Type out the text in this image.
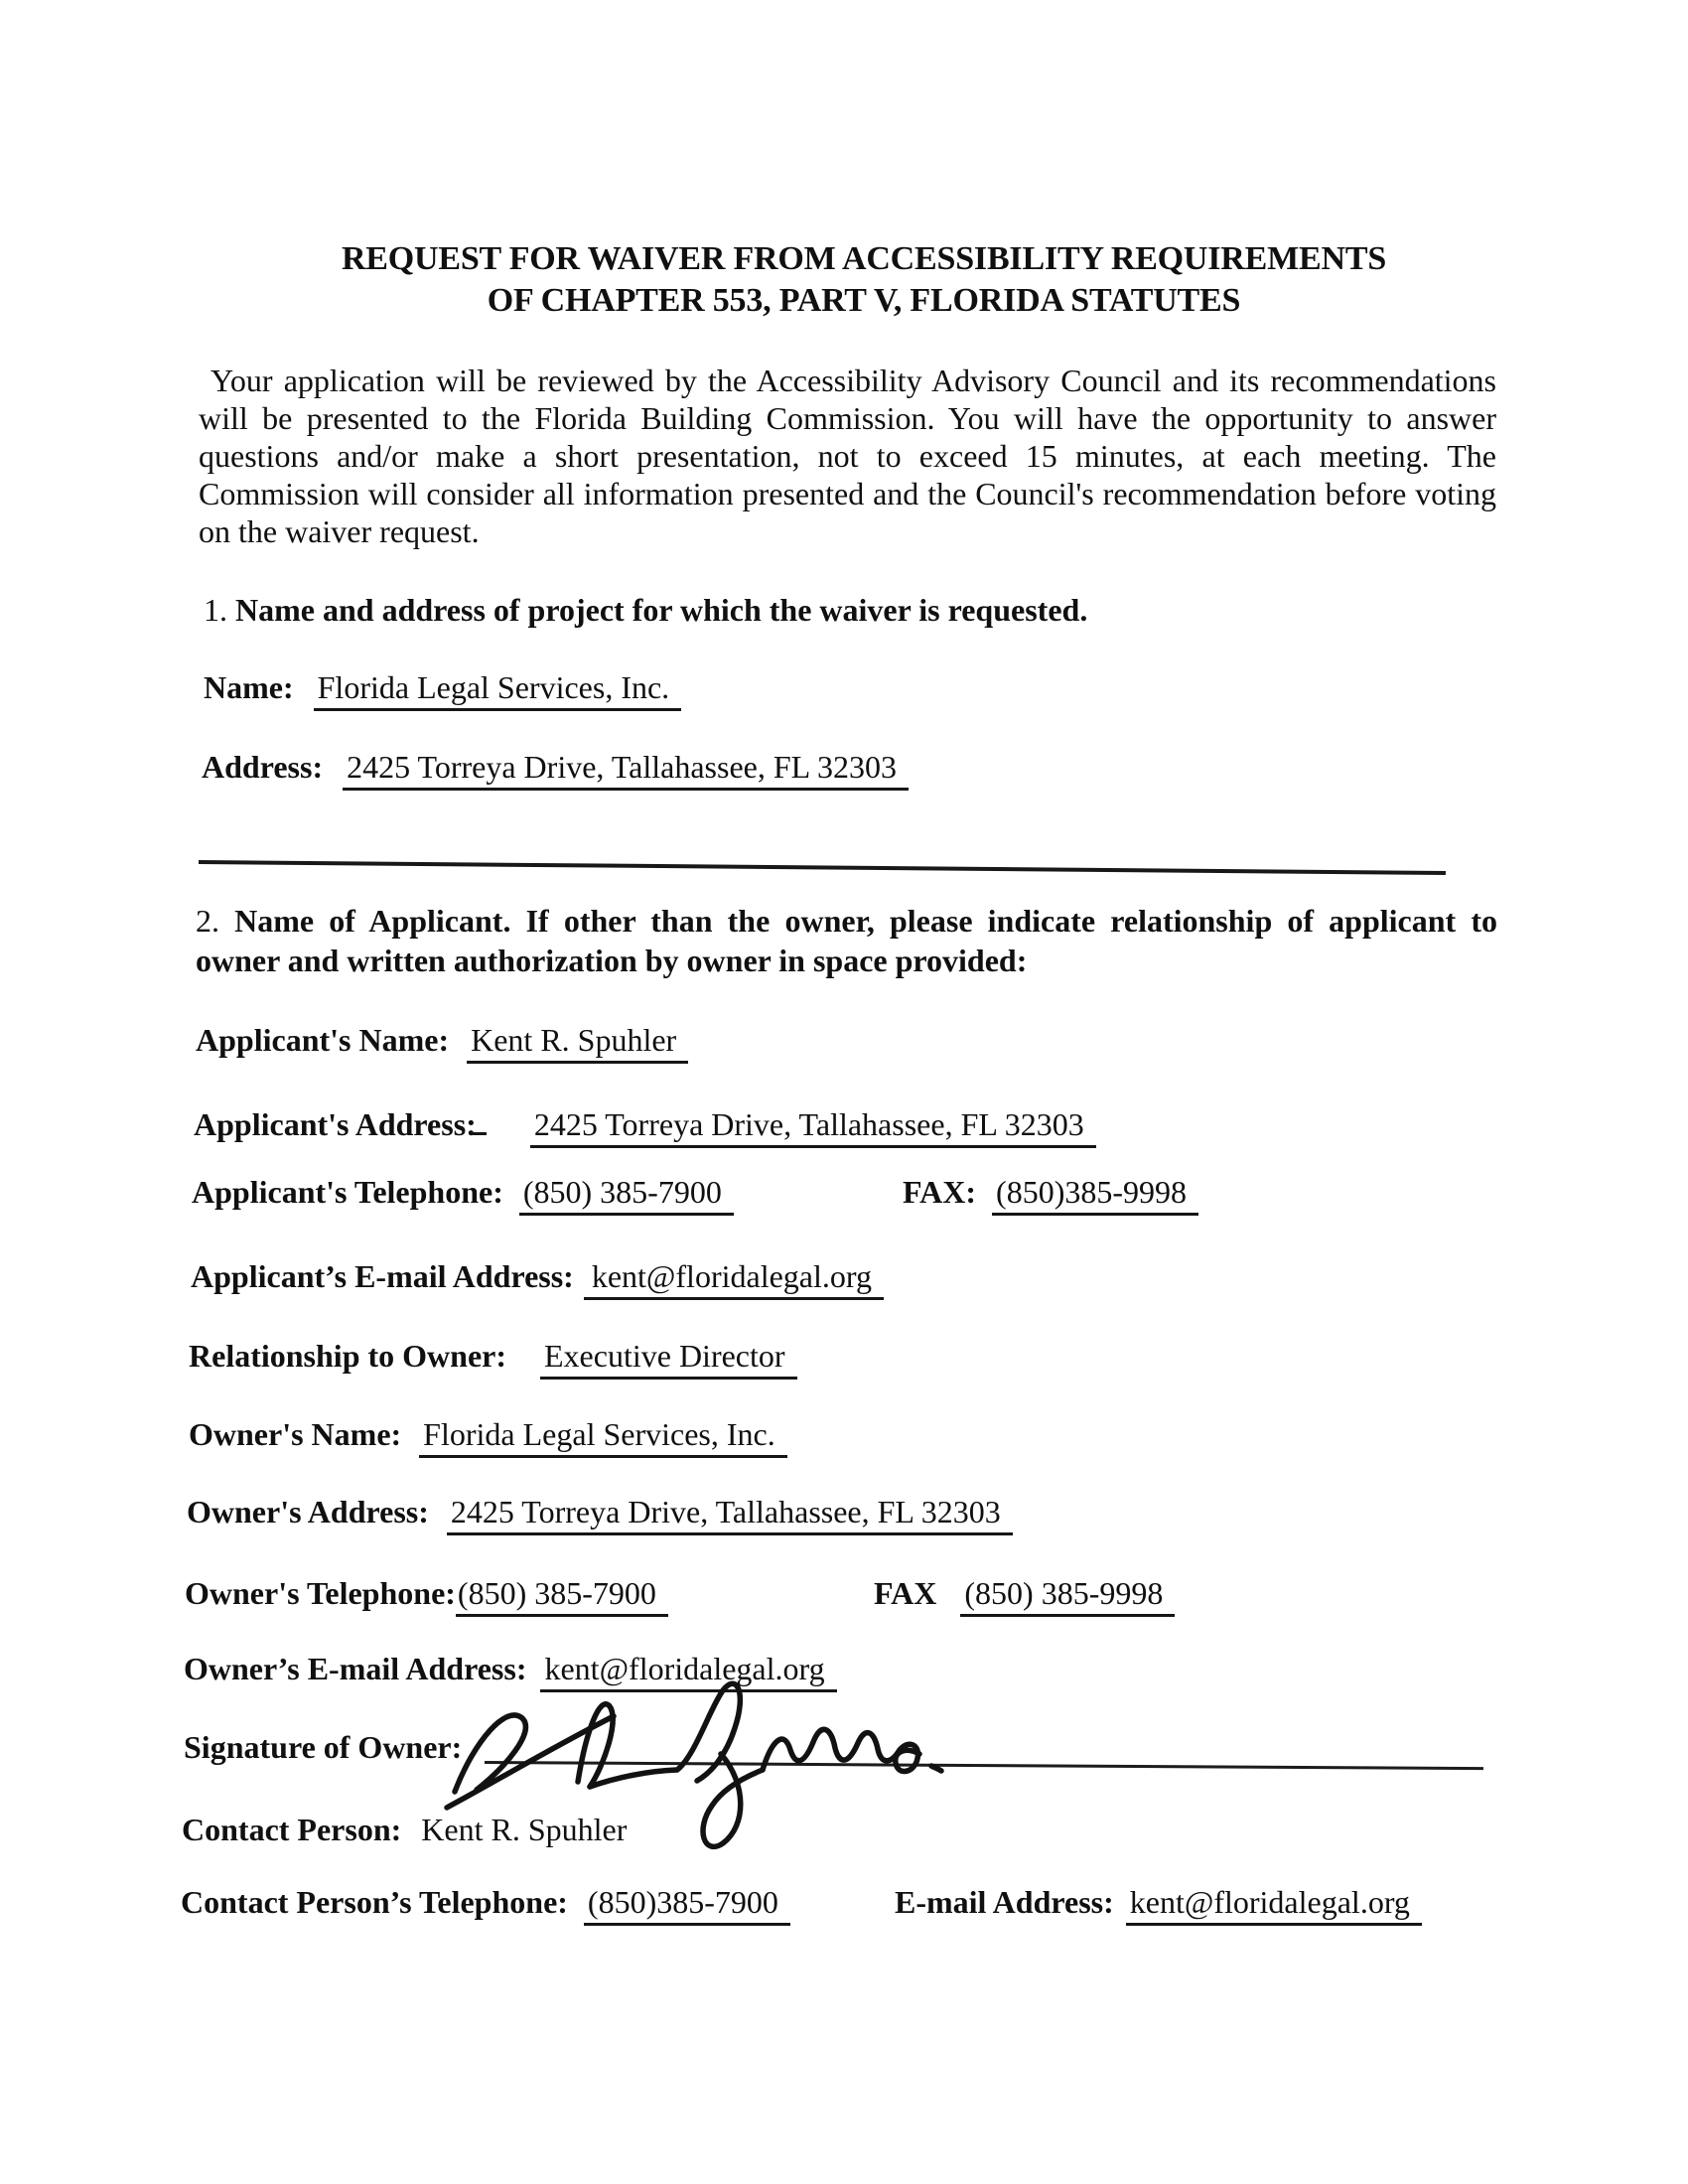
REQUEST FOR WAIVER FROM ACCESSIBILITY REQUIREMENTS
OF CHAPTER 553, PART V, FLORIDA STATUTES
Your application will be reviewed by the Accessibility Advisory Council and its recommendations
will be presented to the Florida Building Commission. You will have the opportunity to answer
questions and/or make a short presentation, not to exceed 15 minutes, at each meeting. The
Commission will consider all information presented and the Council's recommendation before voting
on the waiver request.
1. Name and address of project for which the waiver is requested.
Name: Florida Legal Services, Inc.
Address: 2425 Torreya Drive, Tallahassee, FL 32303
2. Name of Applicant. If other than the owner, please indicate relationship of applicant to
owner and written authorization by owner in space provided:
Applicant's Name: Kent R. Spuhler
Applicant's Address: 2425 Torreya Drive, Tallahassee, FL 32303
Applicant's Telephone: (850) 385-7900	FAX: (850)385-9998
Applicant’s E-mail Address: kent@floridalegal.org
Relationship to Owner: Executive Director
Owner's Name: Florida Legal Services, Inc.
Owner's Address: 2425 Torreya Drive, Tallahassee, FL 32303
Owner's Telephone:(850) 385-7900	FAX (850) 385-9998
Owner’s E-mail Address: kent@floridalegal.org
Signature of Owner:
Contact Person: Kent R. Spuhler
Contact Person’s Telephone: (850)385-7900	E-mail Address: kent@floridalegal.org
